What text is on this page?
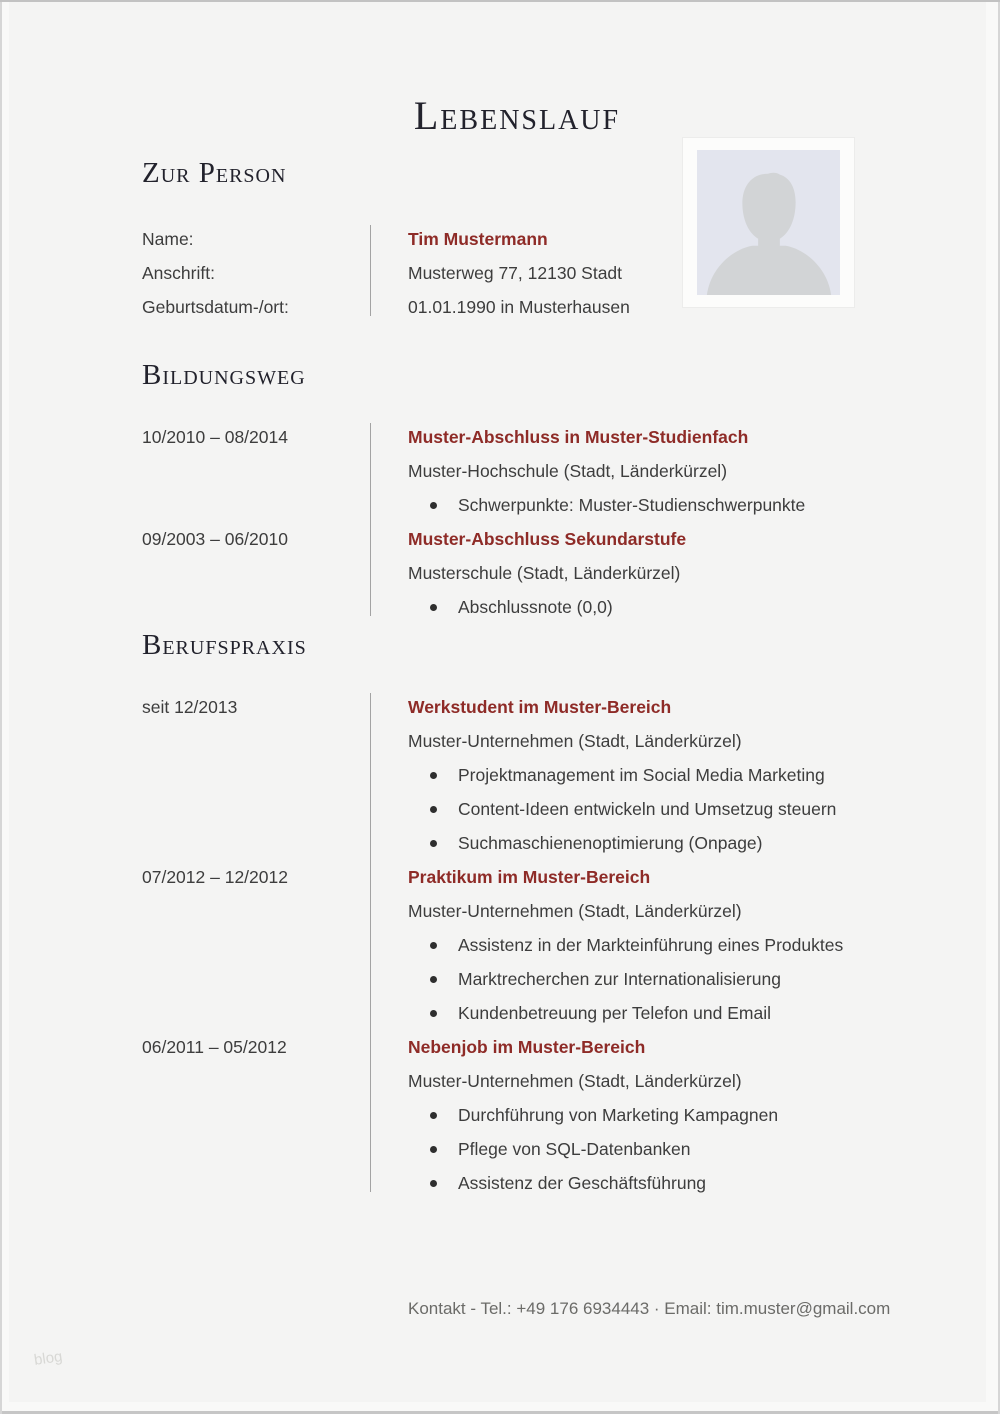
Lebenslauf
Zur Person
Name:	Tim Mustermann
Anschrift:	Musterweg 77, 12130 Stadt
Geburtsdatum-/ort:	01.01.1990 in Musterhausen
Bildungsweg
10/2010 – 08/2014	Muster-Abschluss in Muster-Studienfach
Muster-Hochschule (Stadt, Länderkürzel)
Schwerpunkte: Muster-Studienschwerpunkte
09/2003 – 06/2010	Muster-Abschluss Sekundarstufe
Musterschule (Stadt, Länderkürzel)
Abschlussnote (0,0)
Berufspraxis
seit 12/2013	Werkstudent im Muster-Bereich
Muster-Unternehmen (Stadt, Länderkürzel)
Projektmanagement im Social Media Marketing
Content-Ideen entwickeln und Umsetzug steuern
Suchmaschienenoptimierung (Onpage)
07/2012 – 12/2012	Praktikum im Muster-Bereich
Muster-Unternehmen (Stadt, Länderkürzel)
Assistenz in der Markteinführung eines Produktes
Marktrecherchen zur Internationalisierung
Kundenbetreuung per Telefon und Email
06/2011 – 05/2012	Nebenjob im Muster-Bereich
Muster-Unternehmen (Stadt, Länderkürzel)
Durchführung von Marketing Kampagnen
Pflege von SQL-Datenbanken
Assistenz der Geschäftsführung
Kontakt - Tel.: +49 176 6934443 · Email: tim.muster@gmail.com
blog
